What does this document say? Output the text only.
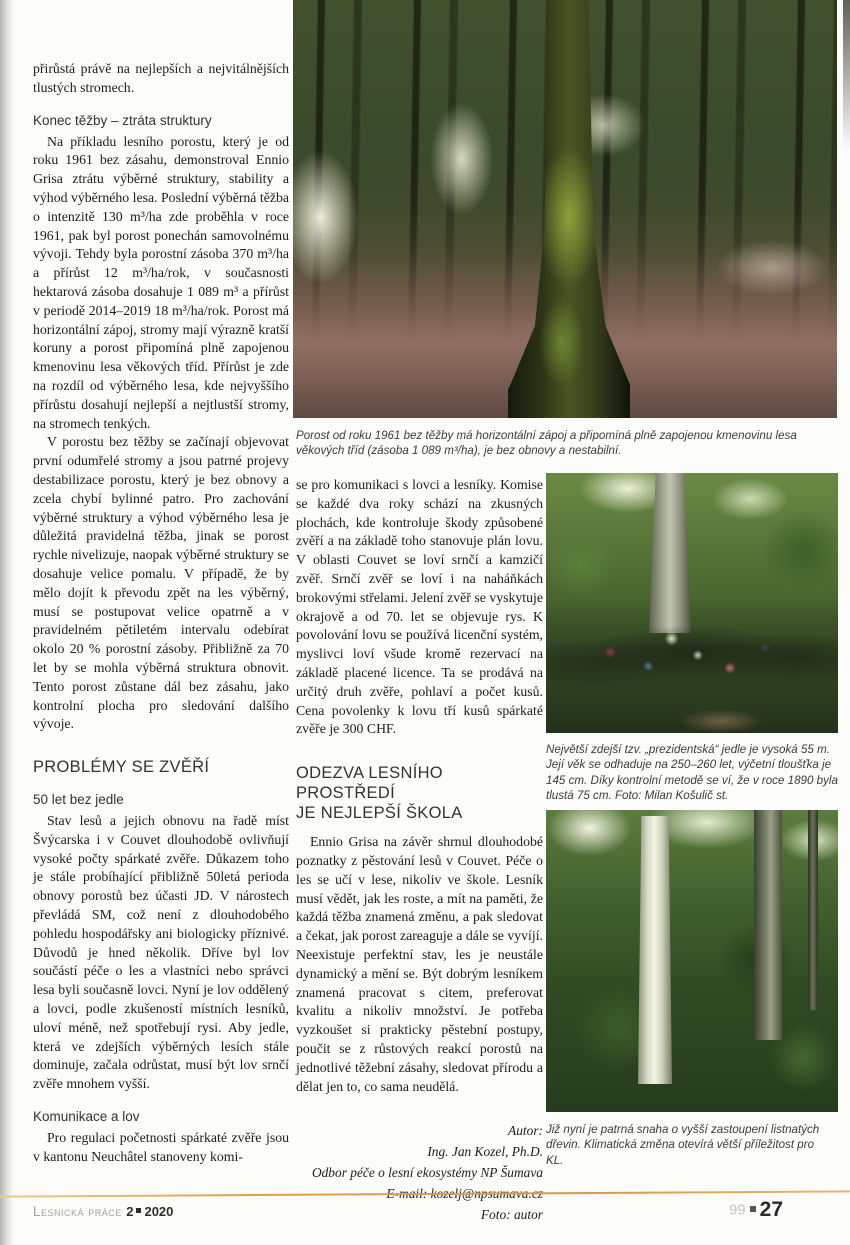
Porost od roku 1961 bez těžby má horizontální zápoj a připomíná plně zapojenou kmenovinu lesa věkových tříd (zásoba 1 089 m³/ha), je bez obnovy a nestabilní.

přirůstá právě na nejlepších a nejvitálnějších tlustých stromech.

Konec těžby – ztráta struktury

Na příkladu lesního porostu, který je od roku 1961 bez zásahu, demonstroval Ennio Grisa ztrátu výběrné struktury, stability a výhod výběrného lesa. Poslední výběrná těžba o intenzitě 130 m³/ha zde proběhla v roce 1961, pak byl porost ponechán samovolnému vývoji. Tehdy byla porostní zásoba 370 m³/ha a přírůst 12 m³/ha/rok, v současnosti hektarová zásoba dosahuje 1 089 m³ a přírůst v periodě 2014–2019 18 m³/ha/rok. Porost má horizontální zápoj, stromy mají výrazně kratší koruny a porost připomíná plně zapojenou kmenovinu lesa věkových tříd. Přírůst je zde na rozdíl od výběrného lesa, kde nejvyššího přírůstu dosahují nejlepší a nejtlustší stromy, na stromech tenkých.

V porostu bez těžby se začínají objevovat první odumřelé stromy a jsou patrné projevy destabilizace porostu, který je bez obnovy a zcela chybí bylinné patro. Pro zachování výběrné struktury a výhod výběrného lesa je důležitá pravidelná těžba, jinak se porost rychle nivelizuje, naopak výběrné struktury se dosahuje velice pomalu. V případě, že by mělo dojít k převodu zpět na les výběrný, musí se postupovat velice opatrně a v pravidelném pětiletém intervalu odebírat okolo 20 % porostní zásoby. Přibližně za 70 let by se mohla výběrná struktura obnovit. Tento porost zůstane dál bez zásahu, jako kontrolní plocha pro sledování dalšího vývoje.

PROBLÉMY SE ZVĚŘÍ
50 let bez jedle

Stav lesů a jejich obnovu na řadě míst Švýcarska i v Couvet dlouhodobě ovlivňují vysoké počty spárkaté zvěře. Důkazem toho je stále probíhající přibližně 50letá perioda obnovy porostů bez účasti JD. V nárostech převládá SM, což není z dlouhodobého pohledu hospodářsky ani biologicky příznivé. Důvodů je hned několik. Dříve byl lov součástí péče o les a vlastníci nebo správci lesa byli současně lovci. Nyní je lov oddělený a lovci, podle zkušeností místních lesníků, uloví méně, než spotřebují rysi. Aby jedle, která ve zdejších výběrných lesích stále dominuje, začala odrůstat, musí být lov srnčí zvěře mnohem vyšší.

Komunikace a lov

Pro regulaci početnosti spárkaté zvěře jsou v kantonu Neuchâtel stanoveny komi-

se pro komunikaci s lovci a lesníky. Komise se každé dva roky schází na zkusných plochách, kde kontroluje škody způsobené zvěří a na základě toho stanovuje plán lovu. V oblasti Couvet se loví srnčí a kamzičí zvěř. Srnčí zvěř se loví i na naháňkách brokovými střelami. Jelení zvěř se vyskytuje okrajově a od 70. let se objevuje rys. K povolování lovu se používá licenční systém, myslivci loví všude kromě rezervací na základě placené licence. Ta se prodává na určitý druh zvěře, pohlaví a počet kusů. Cena povolenky k lovu tří kusů spárkaté zvěře je 300 CHF.

ODEZVA LESNÍHO PROSTŘEDÍ
JE NEJLEPŠÍ ŠKOLA

Ennio Grisa na závěr shrnul dlouhodobé poznatky z pěstování lesů v Couvet. Péče o les se učí v lese, nikoliv ve škole. Lesník musí vědět, jak les roste, a mít na paměti, že každá těžba znamená změnu, a pak sledovat a čekat, jak porost zareaguje a dále se vyvíjí. Neexistuje perfektní stav, les je neustále dynamický a mění se. Být dobrým lesníkem znamená pracovat s citem, preferovat kvalitu a nikoliv množství. Je potřeba vyzkoušet si prakticky pěstební postupy, poučit se z růstových reakcí porostů na jednotlivé těžební zásahy, sledovat přírodu a dělat jen to, co sama neudělá.

Autor:
Ing. Jan Kozel, Ph.D.
Odbor péče o lesní ekosystémy NP Šumava
Foto: autor
Největší zdejší tzv. „prezidentská“ jedle je vysoká 55 m. Její věk se odhaduje na 250–260 let, výčetní tloušťka je 145 cm. Díky kontrolní metodě se ví, že v roce 1890 byla tlustá 75 cm. Foto: Milan Košulič st.
Již nyní je patrná snaha o vyšší zastoupení listnatých dřevin. Klimatická změna otevírá větší příležitost pro KL.
Lesnická práce 2 2020	99 27
